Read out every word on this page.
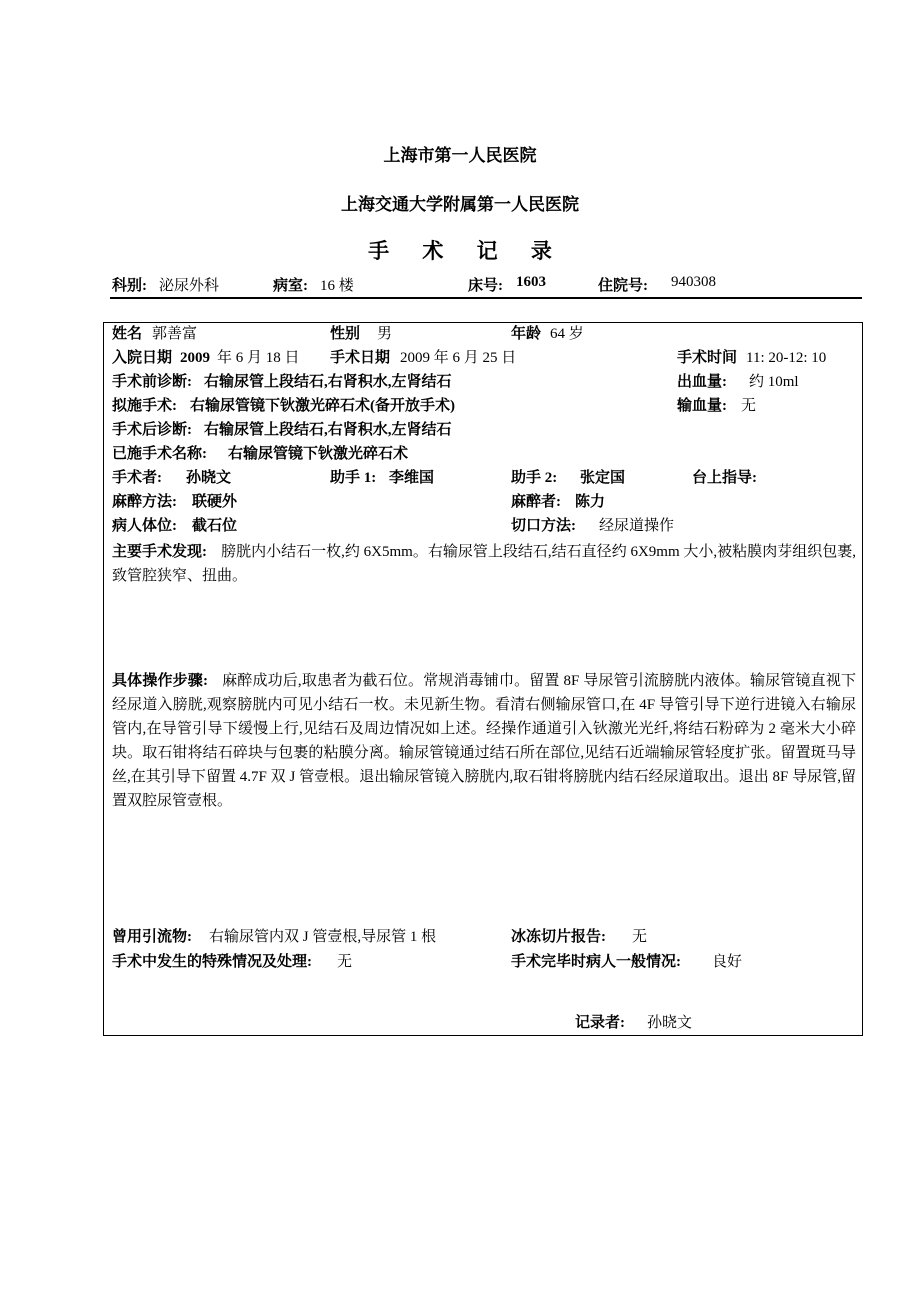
上海市第一人民医院
上海交通大学附属第一人民医院
手 术 记 录
科别: 泌尿外科	病室: 16 楼	床号: 1603	住院号: 940308
姓名 郭善富	性别 男	年龄 64 岁
入院日期 2009 年 6 月 18 日 手术日期 2009 年 6 月 25 日	手术时间 11: 20-12: 10
手术前诊断: 右输尿管上段结石,右肾积水,左肾结石	出血量: 约 10ml
拟施手术: 右输尿管镜下钬激光碎石术(备开放手术)	输血量: 无
手术后诊断: 右输尿管上段结石,右肾积水,左肾结石
已施手术名称: 右输尿管镜下钬激光碎石术
手术者: 孙晓文	助手 1: 李维国	助手 2: 张定国	台上指导:
麻醉方法: 联硬外	麻醉者: 陈力
病人体位: 截石位	切口方法: 经尿道操作
主要手术发现: 膀胱内小结石一枚,约 6X5mm。右输尿管上段结石,结石直径约 6X9mm 大小,被粘膜肉芽组织包裹,致管腔狭窄、扭曲。
具体操作步骤: 麻醉成功后,取患者为截石位。常规消毒铺巾。留置 8F 导尿管引流膀胱内液体。输尿管镜直视下经尿道入膀胱,观察膀胱内可见小结石一枚。未见新生物。看清右侧输尿管口,在 4F 导管引导下逆行进镜入右输尿管内,在导管引导下缓慢上行,见结石及周边情况如上述。经操作通道引入钬激光光纤,将结石粉碎为 2 毫米大小碎块。取石钳将结石碎块与包裹的粘膜分离。输尿管镜通过结石所在部位,见结石近端输尿管轻度扩张。留置斑马导丝,在其引导下留置 4.7F 双 J 管壹根。退出输尿管镜入膀胱内,取石钳将膀胱内结石经尿道取出。退出 8F 导尿管,留置双腔尿管壹根。
曾用引流物: 右输尿管内双 J 管壹根,导尿管 1 根	冰冻切片报告: 无
手术中发生的特殊情况及处理: 无	手术完毕时病人一般情况: 良好
记录者: 孙晓文
